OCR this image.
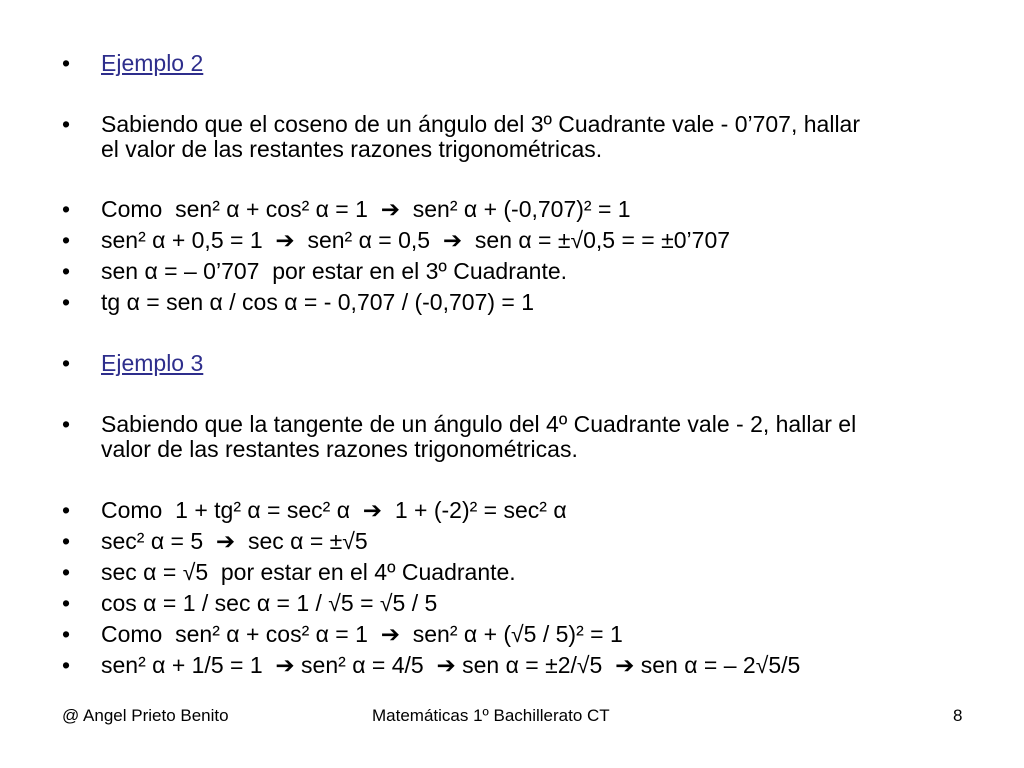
• Ejemplo 2
• Sabiendo que el coseno de un ángulo del 3º Cuadrante vale - 0’707, hallar
el valor de las restantes razones trigonométricas.
• Como  sen² α + cos² α = 1  ➔  sen² α + (-0,707)² = 1
• sen² α + 0,5 = 1  ➔  sen² α = 0,5  ➔  sen α = ±√0,5 = = ±0’707
• sen α = – 0’707  por estar en el 3º Cuadrante.
• tg α = sen α / cos α = - 0,707 / (-0,707) = 1
• Ejemplo 3
• Sabiendo que la tangente de un ángulo del 4º Cuadrante vale - 2, hallar el
valor de las restantes razones trigonométricas.
• Como  1 + tg² α = sec² α  ➔  1 + (-2)² = sec² α
• sec² α = 5  ➔  sec α = ±√5
• sec α = √5  por estar en el 4º Cuadrante.
• cos α = 1 / sec α = 1 / √5 = √5 / 5
• Como  sen² α + cos² α = 1  ➔  sen² α + (√5 / 5)² = 1
• sen² α + 1/5 = 1  ➔ sen² α = 4/5  ➔ sen α = ±2/√5  ➔ sen α = – 2√5/5
@ Angel Prieto Benito	Matemáticas 1º Bachillerato CT	8
